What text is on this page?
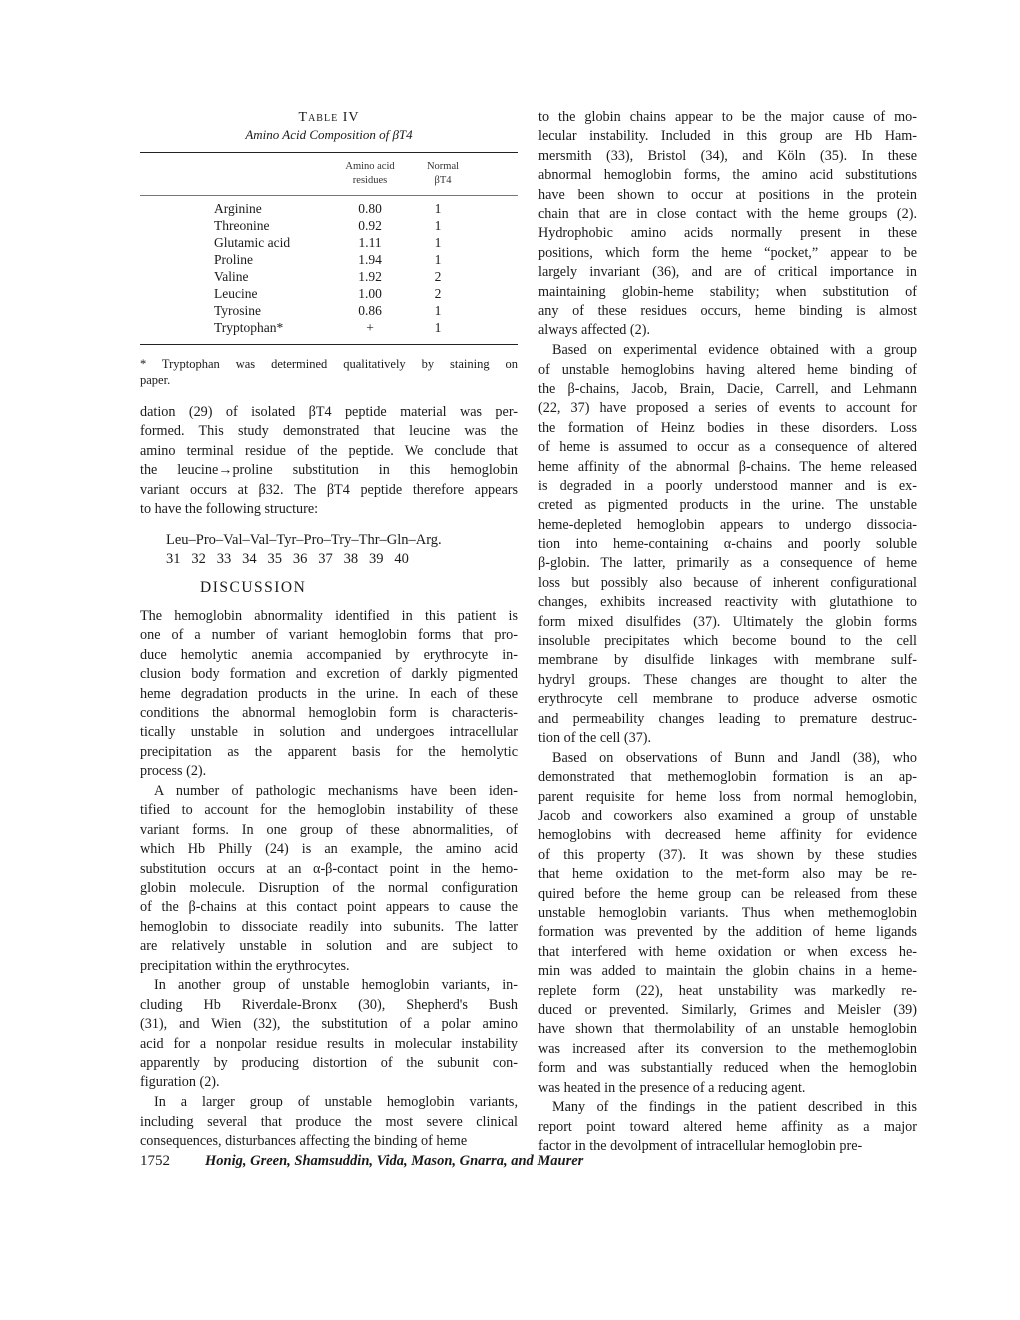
Table IV
Amino Acid Composition of βT4
Amino acid
residues
Normal
βT4
Arginine	0.80	1
Threonine	0.92	1
Glutamic acid	1.11	1
Proline	1.94	1
Valine	1.92	2
Leucine	1.00	2
Tyrosine	0.86	1
Tryptophan*	+	1
* Tryptophan was determined qualitatively by staining on
paper.
dation (29) of isolated βT4 peptide material was per-
formed. This study demonstrated that leucine was the
amino terminal residue of the peptide. We conclude that
the leucine→proline substitution in this hemoglobin
variant occurs at β32. The βT4 peptide therefore appears
to have the following structure:
Leu–Pro–Val–Val–Tyr–Pro–Try–Thr–Gln–Arg.
31   32   33   34   35   36   37   38   39   40
DISCUSSION
The hemoglobin abnormality identified in this patient is
one of a number of variant hemoglobin forms that pro-
duce hemolytic anemia accompanied by erythrocyte in-
clusion body formation and excretion of darkly pigmented
heme degradation products in the urine. In each of these
conditions the abnormal hemoglobin form is characteris-
tically unstable in solution and undergoes intracellular
precipitation as the apparent basis for the hemolytic
process (2).
A number of pathologic mechanisms have been iden-
tified to account for the hemoglobin instability of these
variant forms. In one group of these abnormalities, of
which Hb Philly (24) is an example, the amino acid
substitution occurs at an α-β-contact point in the hemo-
globin molecule. Disruption of the normal configuration
of the β-chains at this contact point appears to cause the
hemoglobin to dissociate readily into subunits. The latter
are relatively unstable in solution and are subject to
precipitation within the erythrocytes.
In another group of unstable hemoglobin variants, in-
cluding Hb Riverdale-Bronx (30), Shepherd's Bush
(31), and Wien (32), the substitution of a polar amino
acid for a nonpolar residue results in molecular instability
apparently by producing distortion of the subunit con-
figuration (2).
In a larger group of unstable hemoglobin variants,
including several that produce the most severe clinical
consequences, disturbances affecting the binding of heme
to the globin chains appear to be the major cause of mo-
lecular instability. Included in this group are Hb Ham-
mersmith (33), Bristol (34), and Köln (35). In these
abnormal hemoglobin forms, the amino acid substitutions
have been shown to occur at positions in the protein
chain that are in close contact with the heme groups (2).
Hydrophobic amino acids normally present in these
positions, which form the heme “pocket,” appear to be
largely invariant (36), and are of critical importance in
maintaining globin-heme stability; when substitution of
any of these residues occurs, heme binding is almost
always affected (2).
Based on experimental evidence obtained with a group
of unstable hemoglobins having altered heme binding of
the β-chains, Jacob, Brain, Dacie, Carrell, and Lehmann
(22, 37) have proposed a series of events to account for
the formation of Heinz bodies in these disorders. Loss
of heme is assumed to occur as a consequence of altered
heme affinity of the abnormal β-chains. The heme released
is degraded in a poorly understood manner and is ex-
creted as pigmented products in the urine. The unstable
heme-depleted hemoglobin appears to undergo dissocia-
tion into heme-containing α-chains and poorly soluble
β-globin. The latter, primarily as a consequence of heme
loss but possibly also because of inherent configurational
changes, exhibits increased reactivity with glutathione to
form mixed disulfides (37). Ultimately the globin forms
insoluble precipitates which become bound to the cell
membrane by disulfide linkages with membrane sulf-
hydryl groups. These changes are thought to alter the
erythrocyte cell membrane to produce adverse osmotic
and permeability changes leading to premature destruc-
tion of the cell (37).
Based on observations of Bunn and Jandl (38), who
demonstrated that methemoglobin formation is an ap-
parent requisite for heme loss from normal hemoglobin,
Jacob and coworkers also examined a group of unstable
hemoglobins with decreased heme affinity for evidence
of this property (37). It was shown by these studies
that heme oxidation to the met-form also may be re-
quired before the heme group can be released from these
unstable hemoglobin variants. Thus when methemoglobin
formation was prevented by the addition of heme ligands
that interfered with heme oxidation or when excess he-
min was added to maintain the globin chains in a heme-
replete form (22), heat unstability was markedly re-
duced or prevented. Similarly, Grimes and Meisler (39)
have shown that thermolability of an unstable hemoglobin
was increased after its conversion to the methemoglobin
form and was substantially reduced when the hemoglobin
was heated in the presence of a reducing agent.
Many of the findings in the patient described in this
report point toward altered heme affinity as a major
factor in the devolpment of intracellular hemoglobin pre-
1752 Honig, Green, Shamsuddin, Vida, Mason, Gnarra, and Maurer
